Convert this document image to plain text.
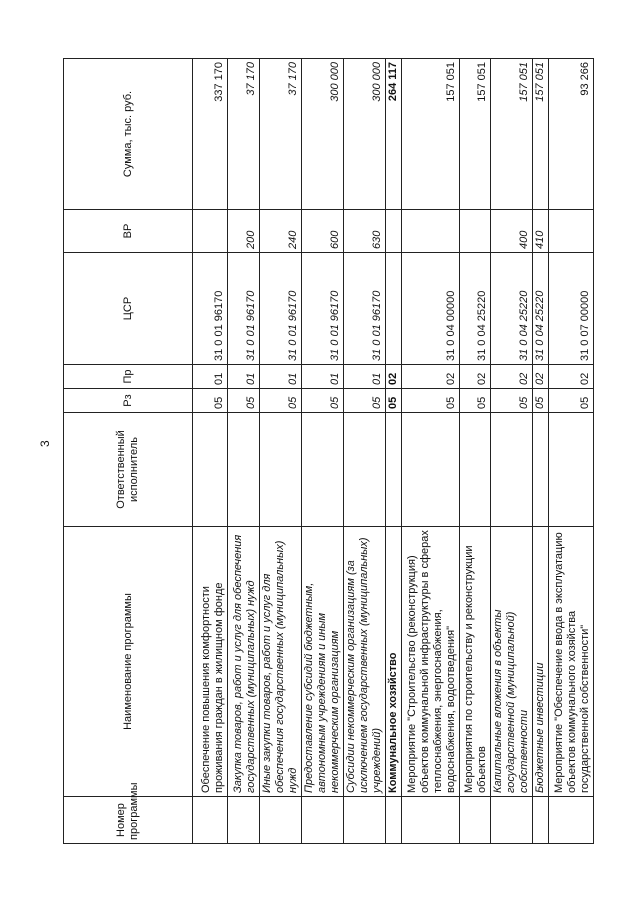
3
Номер программы	Наименование программы	Ответственный исполнитель	Рз	Пр	ЦСР	ВР	Сумма, тыс. руб.
	Обеспечение повышения комфортности проживания граждан в жилищном фонде		05	01	31 0 01 96170		337 170
	Закупка товаров, работ и услуг для обеспечения государственных (муниципальных) нужд		05	01	31 0 01 96170	200	37 170
	Иные закупки товаров, работ и услуг для обеспечения государственных (муниципальных) нужд		05	01	31 0 01 96170	240	37 170
	Предоставление субсидий бюджетным, автономным учреждениям и иным некоммерческим организациям		05	01	31 0 01 96170	600	300 000
	Субсидии некоммерческим организациям (за исключением государственных (муниципальных) учреждений)		05	01	31 0 01 96170	630	300 000
	Коммунальное хозяйство		05	02			264 117
	Мероприятие "Строительство (реконструкция) объектов коммунальной инфраструктуры в сферах теплоснабжения, энергоснабжения, водоснабжения, водоотведения"		05	02	31 0 04 00000		157 051
	Мероприятия по строительству и реконструкции объектов		05	02	31 0 04 25220		157 051
	Капитальные вложения в объекты государственной (муниципальной) собственности		05	02	31 0 04 25220	400	157 051
	Бюджетные инвестиции		05	02	31 0 04 25220	410	157 051
	Мероприятие "Обеспечение ввода в эксплуатацию объектов коммунального хозяйства государственной собственности"		05	02	31 0 07 00000		93 266
